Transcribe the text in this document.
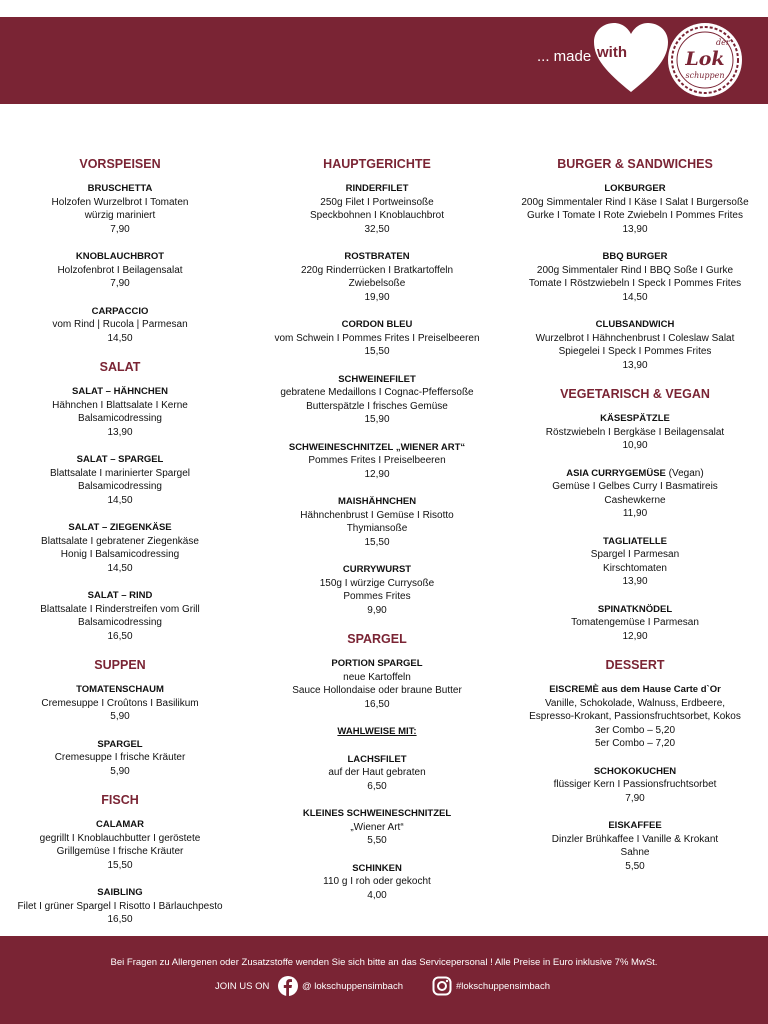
... made with
der
Lok
schuppen
VORSPEISEN
BRUSCHETTA
Holzofen Wurzelbrot I Tomaten
würzig mariniert
7,90
KNOBLAUCHBROT
Holzofenbrot I Beilagensalat
7,90
CARPACCIO
vom Rind | Rucola | Parmesan
14,50
SALAT
SALAT – HÄHNCHEN
Hähnchen I Blattsalate I Kerne
Balsamicodressing
13,90
SALAT – SPARGEL
Blattsalate I marinierter Spargel
Balsamicodressing
14,50
SALAT – ZIEGENKÄSE
Blattsalate I gebratener Ziegenkäse
Honig I Balsamicodressing
14,50
SALAT – RIND
Blattsalate I Rinderstreifen vom Grill
Balsamicodressing
16,50
SUPPEN
TOMATENSCHAUM
Cremesuppe I Croûtons I Basilikum
5,90
SPARGEL
Cremesuppe I frische Kräuter
5,90
FISCH
CALAMAR
gegrillt I Knoblauchbutter I geröstete
Grillgemüse I frische Kräuter
15,50
SAIBLING
Filet I grüner Spargel I Risotto I Bärlauchpesto
16,50
HAUPTGERICHTE
RINDERFILET
250g Filet I Portweinsoße
Speckbohnen I Knoblauchbrot
32,50
ROSTBRATEN
220g Rinderrücken I Bratkartoffeln
Zwiebelsoße
19,90
CORDON BLEU
vom Schwein I Pommes Frites I Preiselbeeren
15,50
SCHWEINEFILET
gebratene Medaillons I Cognac-Pfeffersoße
Butterspätzle I frisches Gemüse
15,90
SCHWEINESCHNITZEL „WIENER ART“
Pommes Frites I Preiselbeeren
12,90
MAISHÄHNCHEN
Hähnchenbrust I Gemüse I Risotto
Thymiansoße
15,50
CURRYWURST
150g I würzige Currysoße
Pommes Frites
9,90
SPARGEL
PORTION SPARGEL
neue Kartoffeln
Sauce Hollondaise oder braune Butter
16,50
WAHLWEISE MIT:
LACHSFILET
auf der Haut gebraten
6,50
KLEINES SCHWEINESCHNITZEL
„Wiener Art“
5,50
SCHINKEN
110 g I roh oder gekocht
4,00
BURGER & SANDWICHES
LOKBURGER
200g Simmentaler Rind I Käse I Salat I Burgersoße
Gurke I Tomate I Rote Zwiebeln I Pommes Frites
13,90
BBQ BURGER
200g Simmentaler Rind I BBQ Soße I Gurke
Tomate I Röstzwiebeln I Speck I Pommes Frites
14,50
CLUBSANDWICH
Wurzelbrot I Hähnchenbrust I Coleslaw Salat
Spiegelei I Speck I Pommes Frites
13,90
VEGETARISCH & VEGAN
KÄSESPÄTZLE
Röstzwiebeln I Bergkäse I Beilagensalat
10,90
ASIA CURRYGEMÜSE (Vegan)
Gemüse I Gelbes Curry I Basmatireis
Cashewkerne
11,90
TAGLIATELLE
Spargel I Parmesan
Kirschtomaten
13,90
SPINATKNÖDEL
Tomatengemüse I Parmesan
12,90
DESSERT
EISCREMÈ aus dem Hause Carte d`Or
Vanille, Schokolade, Walnuss, Erdbeere,
Espresso-Krokant, Passionsfruchtsorbet, Kokos
3er Combo – 5,20
5er Combo – 7,20
SCHOKOKUCHEN
flüssiger Kern I Passionsfruchtsorbet
7,90
EISKAFFEE
Dinzler Brühkaffee I Vanille & Krokant
Sahne
5,50
Bei Fragen zu Allergenen oder Zusatzstoffe wenden Sie sich bitte an das Servicepersonal ! Alle Preise in Euro inklusive 7% MwSt.
JOIN US ON	@ lokschuppensimbach	#lokschuppensimbach
